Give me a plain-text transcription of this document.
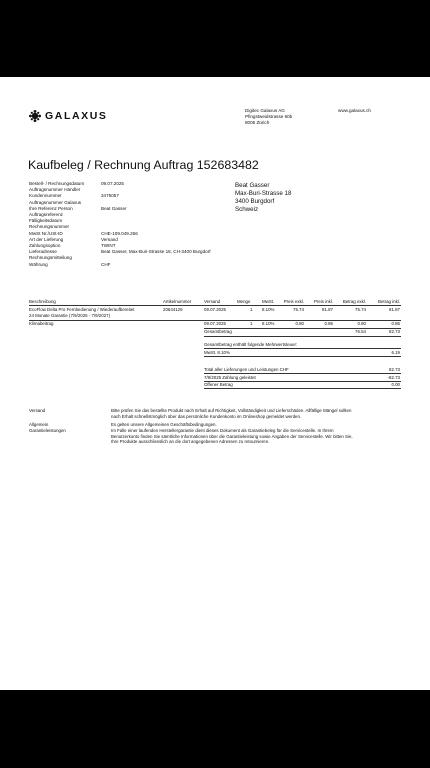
GALAXUS	Digitec Galaxus AG
Pfingstweidstrasse 60b
8005 Zürich
www.galaxus.ch
Kaufbeleg / Rechnung Auftrag 152683482
Bestell- / Rechnungsdatum	09.07.2025
Auftragsnummer Händler
Kundennummer	3475057
Auftragsnummer Galaxus
Ihre Referenz Person	Beat Gasser
Auftragsreferenz
Fälligkeitsdatum
Rechnungsnummer
MwSt Nr./USt-ID	CHE-109.049.266
Art der Lieferung	Versand
Zahlungsoption	TWINT
Lieferadresse	Beat Gasser, Max-Buri-Strasse 18, CH-3400 Burgdorf
Rechnungsmitteilung
Währung	CHF
Beat Gasser
Max-Buri-Strasse 18
3400 Burgdorf
Schweiz
Beschreibung	Artikelnummer	Versand	Menge	MwSt.	Preis exkl.	Preis inkl.	Betrag exkl.	Betrag inkl.
EcoFlow Delta Pro Fernbedienung / Wiederaufbereitet
24 Monate Garantie (7/9/2025 - 7/9/2027)
20644129	09.07.2025	1 8.10%	75.74	81.87	75.74	81.87
Klimabeitrag	09.07.2025	1 8.10%	0.80	0.86	0.80	0.86
Gesamtbetrag	76.54	82.73
Gesamtbetrag enthält folgende Mehrwertsteuer:
MwSt. 8.10%	6.19
Total aller Lieferungen und Leistungen CHF	82.73
7/9/2025 Zahlung geleistet	-82.73
Offener Betrag	0.00
Versand	Bitte prüfen Sie das bestellte Produkt nach Erhalt auf Richtigkeit, Vollständigkeit und Lieferschäden. Allfällige Mängel sollten
nach Erhalt schnellstmöglich über das persönliche Kundenkonto im Onlineshop gemeldet werden.
Allgemein	Es gelten unsere Allgemeinen Geschäftsbedingungen.
Garantieleistungen	Im Falle einer laufenden Herstellergarantie dient dieses Dokument als Garantiebeleg für die Servicestelle. In Ihrem
Benutzerkonto finden Sie sämtliche Informationen über die Garantieleistung sowie Angaben der Servicestelle. Wir bitten Sie,
Ihre Produkte ausschliesslich an die dort angegebenen Adressen zu retournieren.
